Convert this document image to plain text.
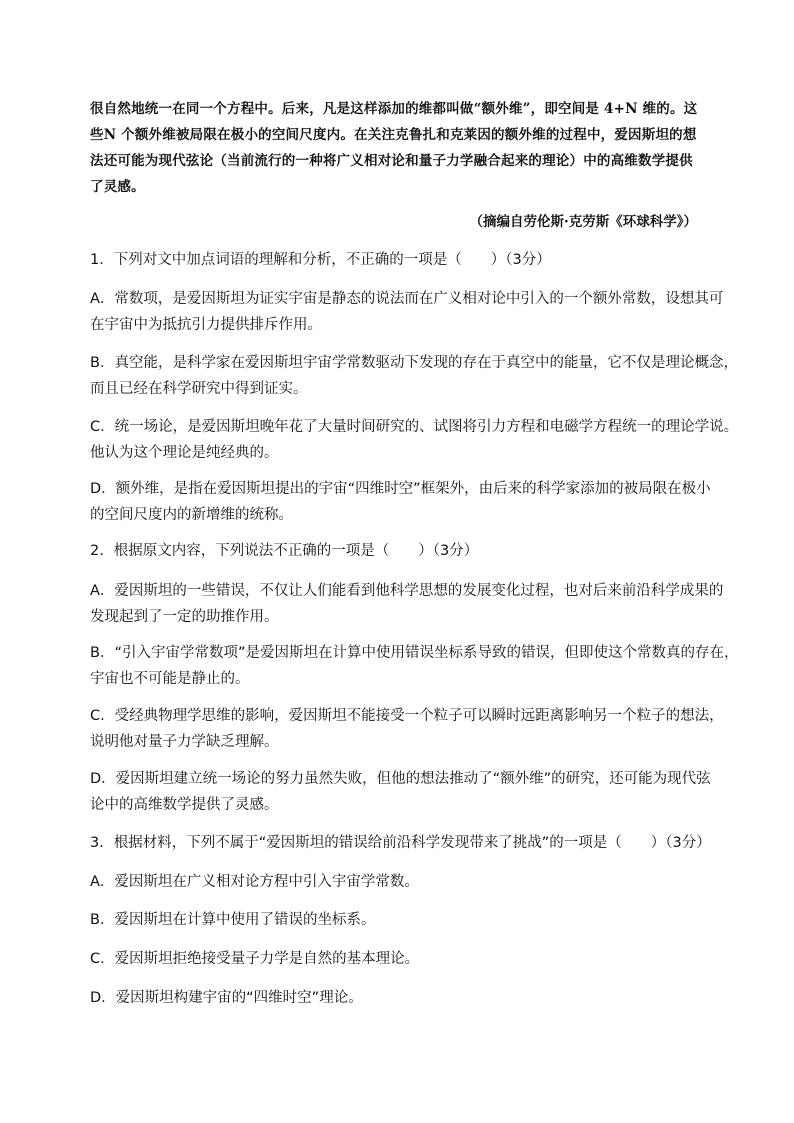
很自然地统一在同一个方程中。后来，凡是这样添加的维都叫做“额外维”，即空间是 4+N 维的。这
些N 个额外维被局限在极小的空间尺度内。在关注克鲁扎和克莱因的额外维的过程中，爱因斯坦的想
法还可能为现代弦论（当前流行的一种将广义相对论和量子力学融合起来的理论）中的高维数学提供
了灵感。
（摘编自劳伦斯·克劳斯《环球科学》）
1．下列对文中加点词语的理解和分析，不正确的一项是（　　）（3分）
A．常数项，是爱因斯坦为证实宇宙是静态的说法而在广义相对论中引入的一个额外常数，设想其可
在宇宙中为抵抗引力提供排斥作用。
B．真空能，是科学家在爱因斯坦宇宙学常数驱动下发现的存在于真空中的能量，它不仅是理论概念，
而且已经在科学研究中得到证实。
C．统一场论，是爱因斯坦晚年花了大量时间研究的、试图将引力方程和电磁学方程统一的理论学说。
他认为这个理论是纯经典的。
D．额外维，是指在爱因斯坦提出的宇宙“四维时空”框架外，由后来的科学家添加的被局限在极小
的空间尺度内的新增维的统称。
2．根据原文内容，下列说法不正确的一项是（　　）（3分）
A．爱因斯坦的一些错误，不仅让人们能看到他科学思想的发展变化过程，也对后来前沿科学成果的
发现起到了一定的助推作用。
B．“引入宇宙学常数项”是爱因斯坦在计算中使用错误坐标系导致的错误，但即使这个常数真的存在，
宇宙也不可能是静止的。
C．受经典物理学思维的影响，爱因斯坦不能接受一个粒子可以瞬时远距离影响另一个粒子的想法，
说明他对量子力学缺乏理解。
D．爱因斯坦建立统一场论的努力虽然失败，但他的想法推动了“额外维”的研究，还可能为现代弦
论中的高维数学提供了灵感。
3．根据材料，下列不属于“爱因斯坦的错误给前沿科学发现带来了挑战”的一项是（　　）（3分）
A．爱因斯坦在广义相对论方程中引入宇宙学常数。
B．爱因斯坦在计算中使用了错误的坐标系。
C．爱因斯坦拒绝接受量子力学是自然的基本理论。
D．爱因斯坦构建宇宙的“四维时空”理论。
